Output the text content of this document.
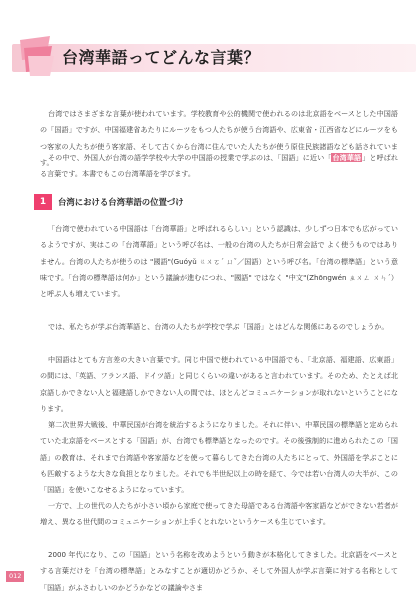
台湾華語ってどんな言葉？

台湾ではさまざまな言葉が使われています。学校教育や公的機関で使われるのは北京語をベースとした中国語の「国語」ですが、中国福建省あたりにルーツをもつ人たちが使う台湾語や、広東省・江西省などにルーツをもつ客家の人たちが使う客家語、そして古くから台湾に住んでいた人たちが使う原住民族諸語なども話されています。

その中で、外国人が台湾の語学学校や大学の中国語の授業で学ぶのは、「国語」に近い「台湾華語」と呼ばれる言葉です。本書でもこの台湾華語を学びます。

1	台湾における台湾華語の位置づけ

「台湾で使われている中国語は「台湾華語」と呼ばれるらしい」という認識は、少しずつ日本でも広がっているようですが、実はこの「台湾華語」という呼び名は、一般の台湾の人たちが日常会話で よく使うものではありません。台湾の人たちが使うのは "國語"(Guóyǔ ㄍㄨㄛˊ ㄩˇ／国語）という呼び名。「台湾の標準語」という意味です。「台湾の標準語は何か」という議論が進むにつれ、"國語" ではなく "中文"(Zhōngwén ㄓㄨㄥ ㄨㄣˊ）と呼ぶ人も増えています。

では、私たちが学ぶ台湾華語と、台湾の人たちが学校で学ぶ「国語」とはどんな関係にあるのでしょうか。

中国語はとても方言差の大きい言葉です。同じ中国で使われている中国語でも、「北京語、福建語、広東語」の間には、「英語、フランス語、ドイツ語」と同じくらいの違いがあると言われています。そのため、たとえば北京語しかできない人と福建語しかできない人の間では、ほとんどコミュニケーションが取れないということになります。

第二次世界大戦後、中華民国が台湾を統治するようになりました。それに伴い、中華民国の標準語と定められていた北京語をベースとする「国語」が、台湾でも標準語となったのです。その後強制的に進められたこの「国語」の教育は、それまで台湾語や客家語などを使って暮らしてきた台湾の人たちにとって、外国語を学ぶことにも匹敵するような大きな負担となりました。それでも半世紀以上の時を経て、今では若い台湾人の大半が、この「国語」を使いこなせるようになっています。

一方で、上の世代の人たちが小さい頃から家庭で使ってきた母語である台湾語や客家語などができない若者が増え、異なる世代間のコミュニケーションが上手くとれないというケースも生じています。

2000 年代になり、この「国語」という名称を改めようという動きが本格化してきました。北京語をベースとする言葉だけを「台湾の標準語」とみなすことが適切かどうか、そして外国人が学ぶ言葉に対する名称として「国語」がふさわしいのかどうかなどの議論やさま

012
